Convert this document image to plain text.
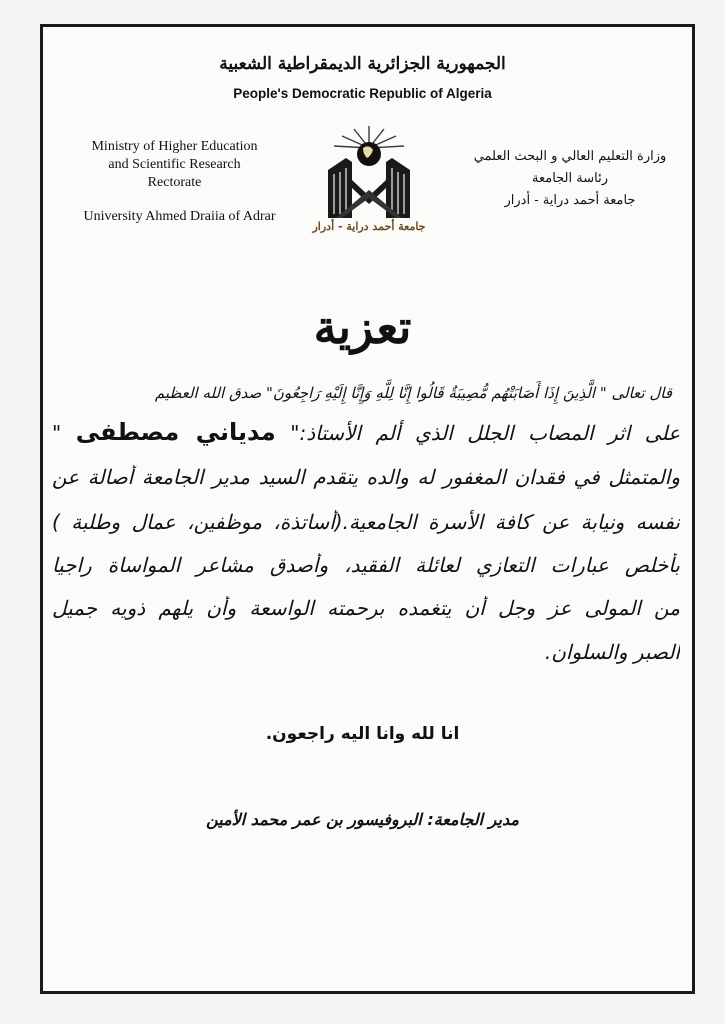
الجمهورية الجزائرية الديمقراطية الشعبية
People's Democratic Republic of Algeria
Ministry of Higher Education
and Scientific Research
Rectorate
University Ahmed Draiia of Adrar
وزارة التعليم العالي و البحث العلمي
رئاسة الجامعة
جامعة أحمد دراية - أدرار
جامعة أحمد دراية - أدرار
تعزية
قال تعالى " الَّذِينَ إِذَا أَصَابَتْهُم مُّصِيبَةٌ قَالُوا إِنَّا لِلَّهِ وَإِنَّا إِلَيْهِ رَاجِعُونَ" صدق الله العظيم
على اثر المصاب الجلل الذي ألم الأستاذ:" مدياني مصطفى "
والمتمثل في فقدان المغفور له والده يتقدم السيد مدير الجامعة أصالة عن
نفسه ونيابة عن كافة الأسرة الجامعية.(أساتذة، موظفين، عمال وطلبة )
بأخلص عبارات التعازي لعائلة الفقيد، وأصدق مشاعر المواساة راجيا
من المولى عز وجل أن يتغمده برحمته الواسعة وأن يلهم ذويه جميل
الصبر والسلوان.
انا لله وانا اليه راجعون.
مدير الجامعة: البروفيسور بن عمر محمد الأمين
